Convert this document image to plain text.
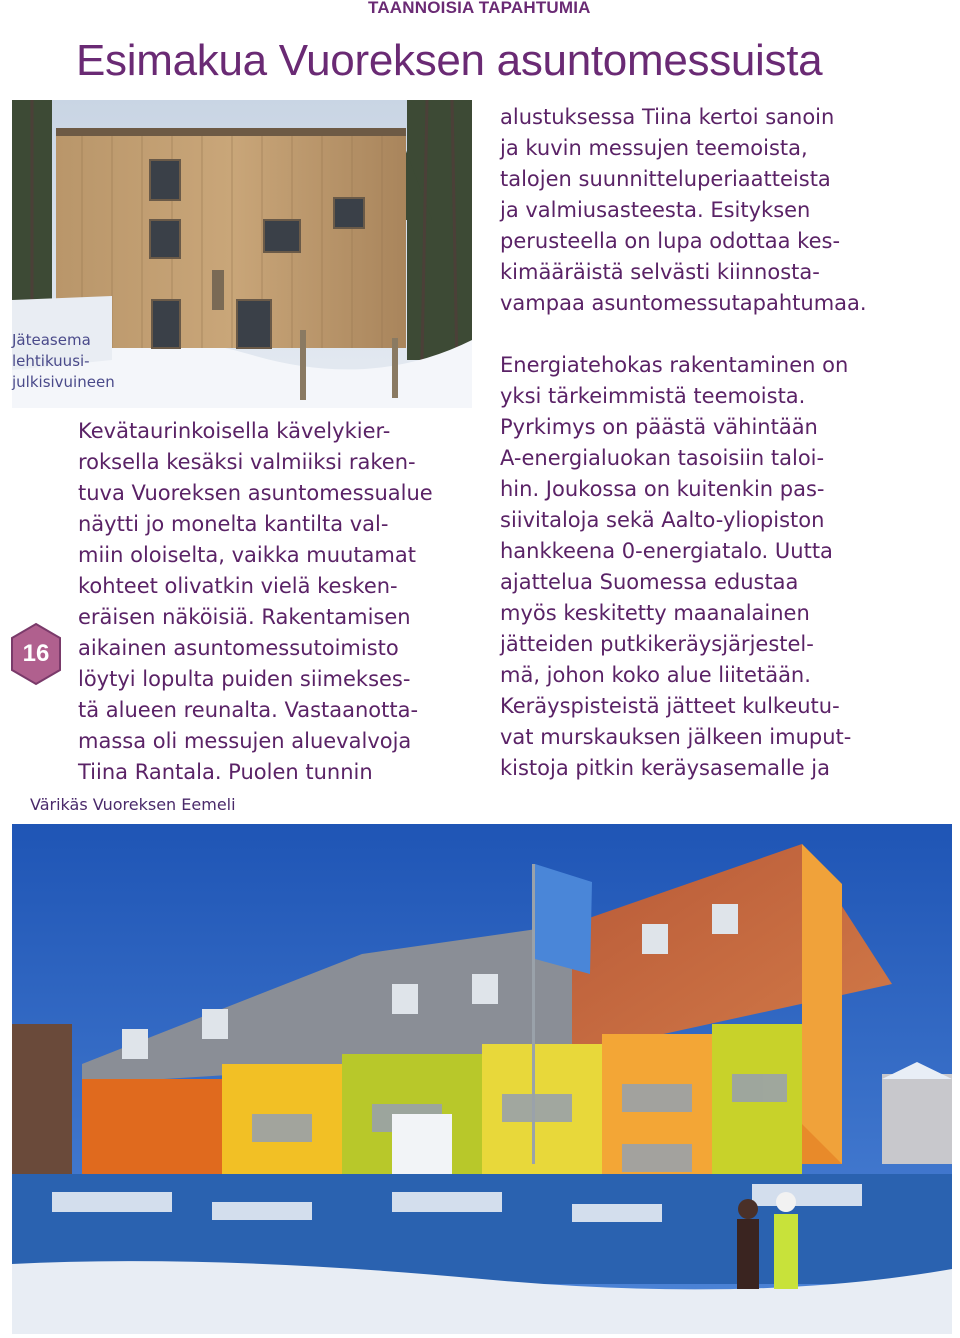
TAANNOISIA TAPAHTUMIA
Esimakua Vuoreksen asuntomessuista
Jäteasema
lehtikuusi-
julkisivuineen
16

Kevätaurinkoisella kävelykier-
roksella kesäksi valmiiksi raken-
tuva Vuoreksen asuntomessualue
näytti jo monelta kantilta val-
miin oloiselta, vaikka muutamat
kohteet olivatkin vielä kesken-
eräisen näköisiä. Rakentamisen
aikainen asuntomessutoimisto
löytyi lopulta puiden siimekses-
tä alueen reunalta. Vastaanotta-
massa oli messujen aluevalvoja
Tiina Rantala. Puolen tunnin

alustuksessa Tiina kertoi sanoin
ja kuvin messujen teemoista,
talojen suunnitteluperiaatteista
ja valmiusasteesta. Esityksen
perusteella on lupa odottaa kes-
kimääräistä selvästi kiinnosta-
vampaa asuntomessutapahtumaa.

Energiatehokas rakentaminen on
yksi tärkeimmistä teemoista.
Pyrkimys on päästä vähintään
A-energialuokan tasoisiin taloi-
hin. Joukossa on kuitenkin pas-
siivitaloja sekä Aalto-yliopiston
hankkeena 0-energiatalo. Uutta
ajattelua Suomessa edustaa
myös keskitetty maanalainen
jätteiden putkikeräysjärjestel-
mä, johon koko alue liitetään.
Keräyspisteistä jätteet kulkeutu-
vat murskauksen jälkeen imuput-
kistoja pitkin keräysasemalle ja

Värikäs Vuoreksen Eemeli
